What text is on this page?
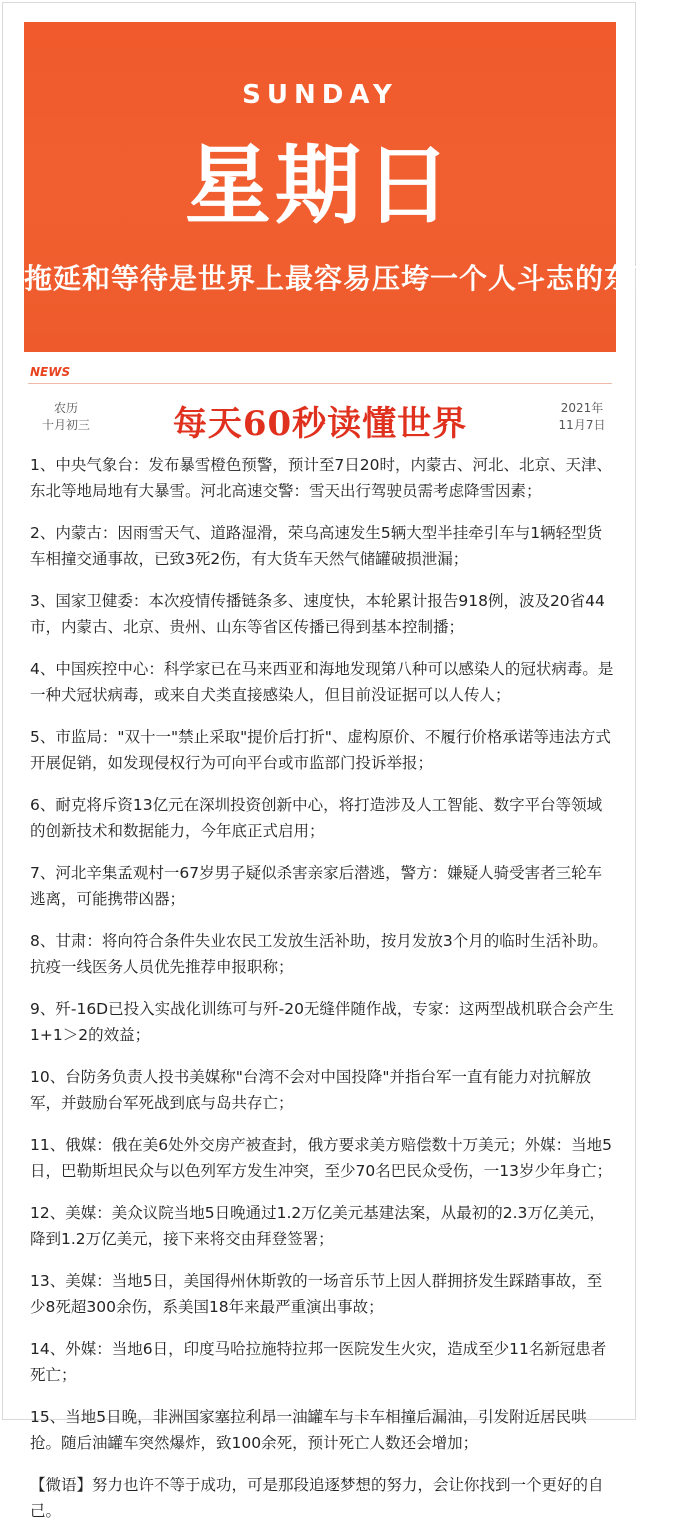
SUNDAY
星期日
拖延和等待是世界上最容易压垮一个人斗志的东西。
NEWS
农历
十月初三	每天60秒读懂世界	2021年
11月7日
1、中央气象台：发布暴雪橙色预警，预计至7日20时，内蒙古、河北、北京、天津、东北等地局地有大暴雪。河北高速交警：雪天出行驾驶员需考虑降雪因素；
2、内蒙古：因雨雪天气、道路湿滑，荣乌高速发生5辆大型半挂牵引车与1辆轻型货车相撞交通事故，已致3死2伤，有大货车天然气储罐破损泄漏；
3、国家卫健委：本次疫情传播链条多、速度快，本轮累计报告918例，波及20省44市，内蒙古、北京、贵州、山东等省区传播已得到基本控制播；
4、中国疾控中心：科学家已在马来西亚和海地发现第八种可以感染人的冠状病毒。是一种犬冠状病毒，或来自犬类直接感染人，但目前没证据可以人传人；
5、市监局："双十一"禁止采取"提价后打折"、虚构原价、不履行价格承诺等违法方式开展促销，如发现侵权行为可向平台或市监部门投诉举报；
6、耐克将斥资13亿元在深圳投资创新中心，将打造涉及人工智能、数字平台等领域的创新技术和数据能力，今年底正式启用；
7、河北辛集孟观村一67岁男子疑似杀害亲家后潜逃，警方：嫌疑人骑受害者三轮车逃离，可能携带凶器；
8、甘肃：将向符合条件失业农民工发放生活补助，按月发放3个月的临时生活补助。抗疫一线医务人员优先推荐申报职称；
9、歼-16D已投入实战化训练可与歼-20无缝伴随作战，专家：这两型战机联合会产生1+1＞2的效益；
10、台防务负责人投书美媒称"台湾不会对中国投降"并指台军一直有能力对抗解放军，并鼓励台军死战到底与岛共存亡；
11、俄媒：俄在美6处外交房产被查封，俄方要求美方赔偿数十万美元；外媒：当地5日，巴勒斯坦民众与以色列军方发生冲突，至少70名巴民众受伤，一13岁少年身亡；
12、美媒：美众议院当地5日晚通过1.2万亿美元基建法案，从最初的2.3万亿美元，降到1.2万亿美元，接下来将交由拜登签署；
13、美媒：当地5日，美国得州休斯敦的一场音乐节上因人群拥挤发生踩踏事故，至少8死超300余伤，系美国18年来最严重演出事故；
14、外媒：当地6日，印度马哈拉施特拉邦一医院发生火灾，造成至少11名新冠患者死亡；
15、当地5日晚，非洲国家塞拉利昂一油罐车与卡车相撞后漏油，引发附近居民哄抢。随后油罐车突然爆炸，致100余死，预计死亡人数还会增加；
【微语】努力也许不等于成功，可是那段追逐梦想的努力，会让你找到一个更好的自己。
